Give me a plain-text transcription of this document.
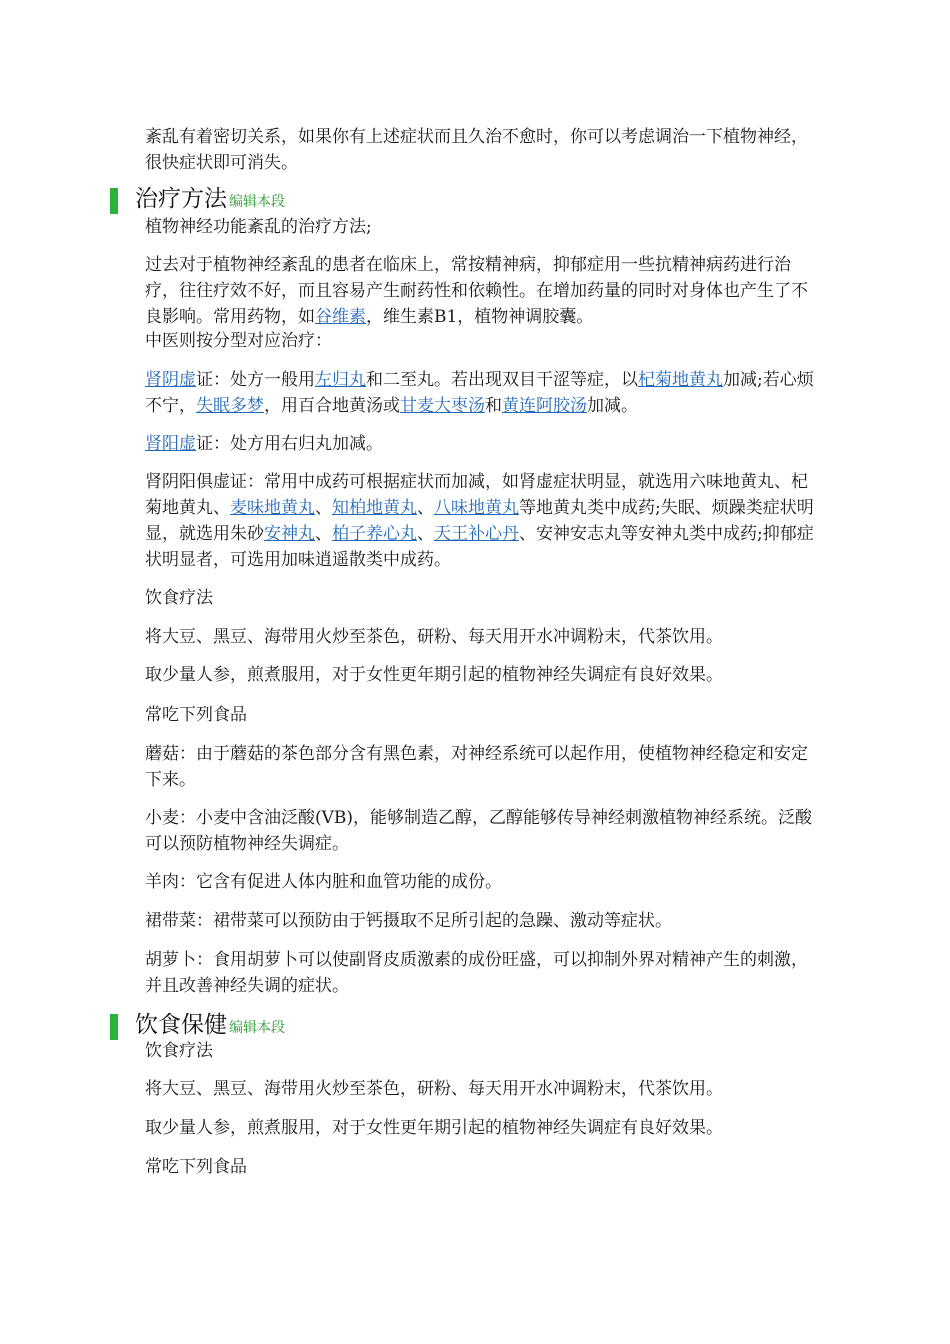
紊乱有着密切关系，如果你有上述症状而且久治不愈时，你可以考虑调治一下植物神经，很快症状即可消失。

治疗方法 编辑本段

植物神经功能紊乱的治疗方法;

过去对于植物神经紊乱的患者在临床上，常按精神病，抑郁症用一些抗精神病药进行治疗，往往疗效不好，而且容易产生耐药性和依赖性。在增加药量的同时对身体也产生了不良影响。常用药物，如谷维素，维生素B1，植物神调胶囊。

中医则按分型对应治疗：

肾阴虚证：处方一般用左归丸和二至丸。若出现双目干涩等症，以杞菊地黄丸加减;若心烦不宁，失眠多梦，用百合地黄汤或甘麦大枣汤和黄连阿胶汤加减。

肾阳虚证：处方用右归丸加减。

肾阴阳俱虚证：常用中成药可根据症状而加减，如肾虚症状明显，就选用六味地黄丸、杞菊地黄丸、麦味地黄丸、知柏地黄丸、八味地黄丸等地黄丸类中成药;失眠、烦躁类症状明显，就选用朱砂安神丸、柏子养心丸、天王补心丹、安神安志丸等安神丸类中成药;抑郁症状明显者，可选用加味逍遥散类中成药。

饮食疗法

将大豆、黑豆、海带用火炒至茶色，研粉、每天用开水冲调粉末，代茶饮用。

取少量人参，煎煮服用，对于女性更年期引起的植物神经失调症有良好效果。

常吃下列食品

蘑菇：由于蘑菇的茶色部分含有黑色素，对神经系统可以起作用，使植物神经稳定和安定下来。

小麦：小麦中含油泛酸(VB)，能够制造乙醇，乙醇能够传导神经刺激植物神经系统。泛酸可以预防植物神经失调症。

羊肉：它含有促进人体内脏和血管功能的成份。

裙带菜：裙带菜可以预防由于钙摄取不足所引起的急躁、激动等症状。

胡萝卜：食用胡萝卜可以使副肾皮质激素的成份旺盛，可以抑制外界对精神产生的刺激，并且改善神经失调的症状。

饮食保健 编辑本段

饮食疗法

将大豆、黑豆、海带用火炒至茶色，研粉、每天用开水冲调粉末，代茶饮用。

取少量人参，煎煮服用，对于女性更年期引起的植物神经失调症有良好效果。

常吃下列食品
